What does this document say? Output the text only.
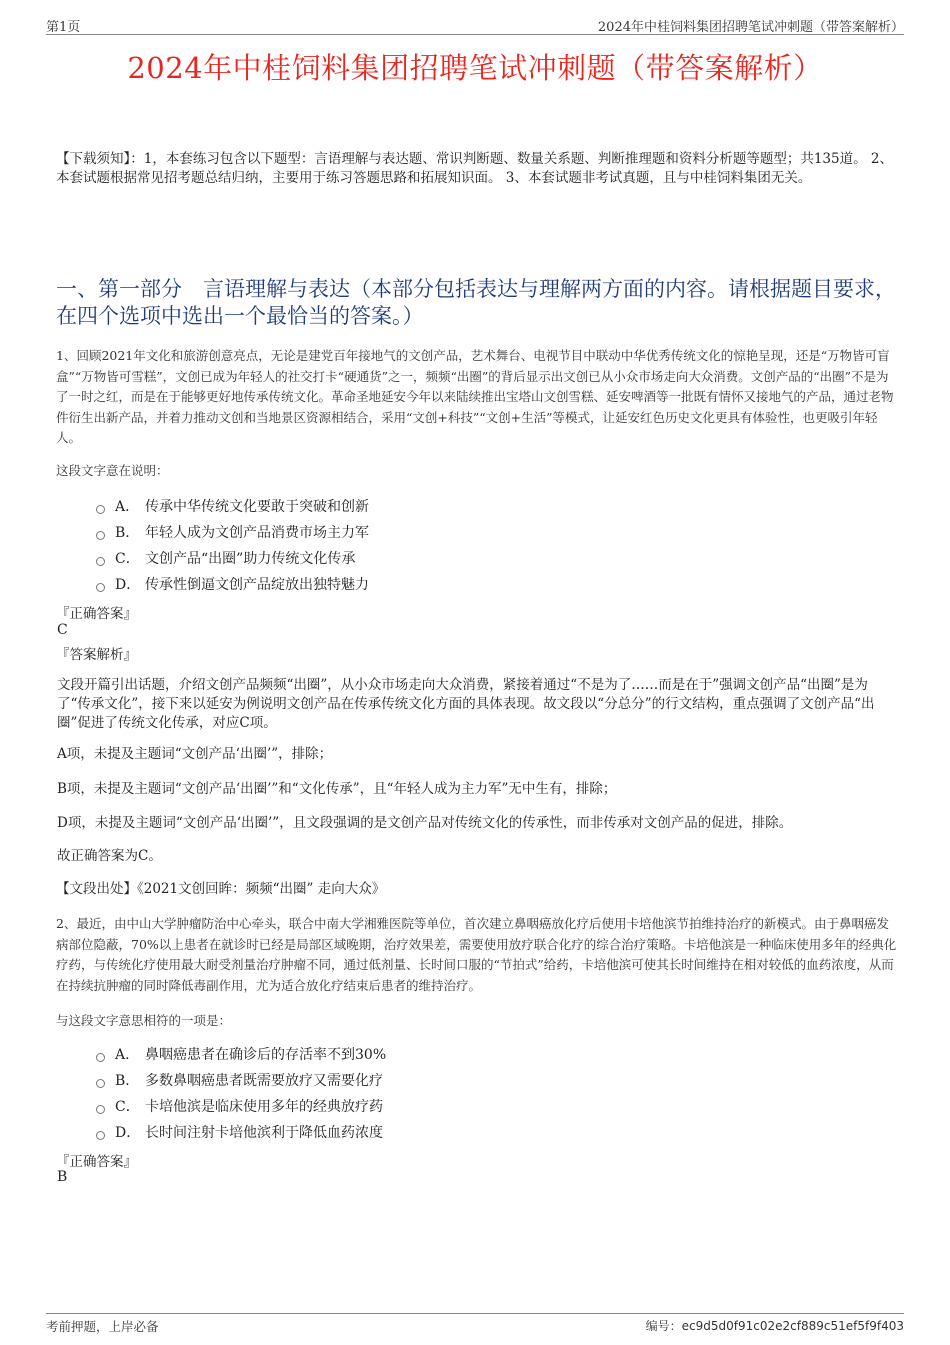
第1页	2024年中桂饲料集团招聘笔试冲刺题（带答案解析）
2024年中桂饲料集团招聘笔试冲刺题（带答案解析）
【下载须知】：1，本套练习包含以下题型：言语理解与表达题、常识判断题、数量关系题、判断推理题和资料分析题等题型；共135道。 2、本套试题根据常见招考题总结归纳，主要用于练习答题思路和拓展知识面。 3、本套试题非考试真题，且与中桂饲料集团无关。
一、第一部分　言语理解与表达（本部分包括表达与理解两方面的内容。请根据题目要求，在四个选项中选出一个最恰当的答案。）

1、回顾2021年文化和旅游创意亮点，无论是建党百年接地气的文创产品，艺术舞台、电视节目中联动中华优秀传统文化的惊艳呈现，还是“万物皆可盲盒”“万物皆可雪糕”，文创已成为年轻人的社交打卡“硬通货”之一，频频“出圈”的背后显示出文创已从小众市场走向大众消费。文创产品的“出圈”不是为了一时之红，而是在于能够更好地传承传统文化。革命圣地延安今年以来陆续推出宝塔山文创雪糕、延安啤酒等一批既有情怀又接地气的产品，通过老物件衍生出新产品，并着力推动文创和当地景区资源相结合，采用“文创+科技”“文创+生活”等模式，让延安红色历史文化更具有体验性，也更吸引年轻人。

这段文字意在说明：

A． 传承中华传统文化要敢于突破和创新
B． 年轻人成为文创产品消费市场主力军
C． 文创产品“出圈”助力传统文化传承
D． 传承性倒逼文创产品绽放出独特魅力
『正确答案』
C
『答案解析』

文段开篇引出话题，介绍文创产品频频“出圈”，从小众市场走向大众消费，紧接着通过“不是为了……而是在于”强调文创产品“出圈”是为了“传承文化”，接下来以延安为例说明文创产品在传承传统文化方面的具体表现。故文段以“分总分”的行文结构，重点强调了文创产品“出圈”促进了传统文化传承，对应C项。

A项，未提及主题词“文创产品‘出圈’”，排除；

B项，未提及主题词“文创产品‘出圈’”和“文化传承”，且“年轻人成为主力军”无中生有，排除；

D项，未提及主题词“文创产品‘出圈’”，且文段强调的是文创产品对传统文化的传承性，而非传承对文创产品的促进，排除。

故正确答案为C。

【文段出处】《2021文创回眸：频频“出圈” 走向大众》

2、最近，由中山大学肿瘤防治中心牵头，联合中南大学湘雅医院等单位，首次建立鼻咽癌放化疗后使用卡培他滨节拍维持治疗的新模式。由于鼻咽癌发病部位隐蔽，70%以上患者在就诊时已经是局部区域晚期，治疗效果差，需要使用放疗联合化疗的综合治疗策略。卡培他滨是一种临床使用多年的经典化疗药，与传统化疗使用最大耐受剂量治疗肿瘤不同，通过低剂量、长时间口服的“节拍式”给药，卡培他滨可使其长时间维持在相对较低的血药浓度，从而在持续抗肿瘤的同时降低毒副作用，尤为适合放化疗结束后患者的维持治疗。

与这段文字意思相符的一项是：

A． 鼻咽癌患者在确诊后的存活率不到30%
B． 多数鼻咽癌患者既需要放疗又需要化疗
C． 卡培他滨是临床使用多年的经典放疗药
D． 长时间注射卡培他滨利于降低血药浓度
『正确答案』
B
考前押题，上岸必备	编号：ec9d5d0f91c02e2cf889c51ef5f9f403
